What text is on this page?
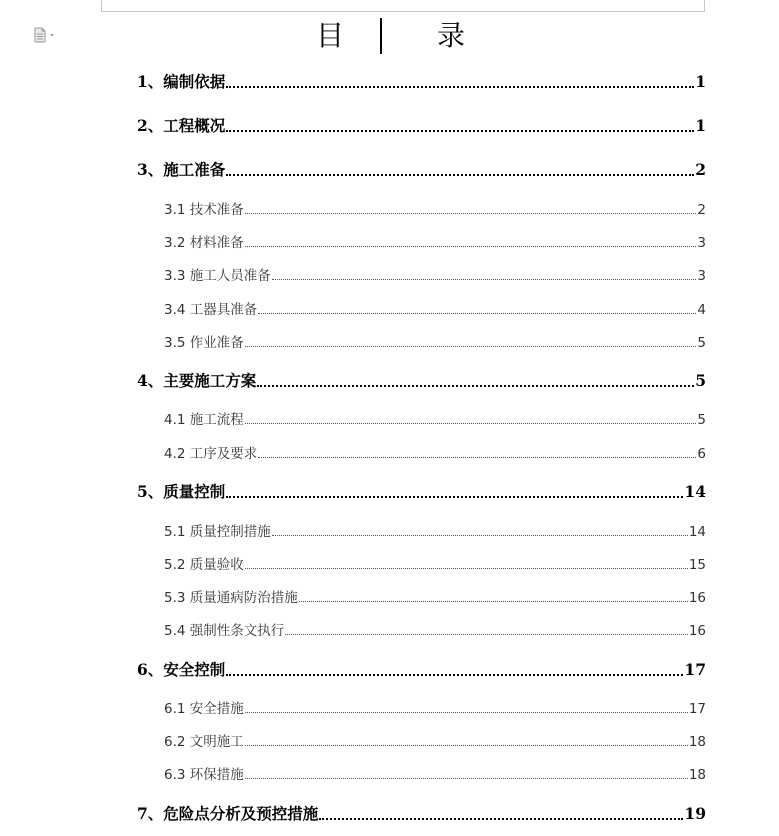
目 录
1、编制依据	1
2、工程概况	1
3、施工准备	2
3.1 技术准备	2
3.2 材料准备	3
3.3 施工人员准备	3
3.4 工器具准备	4
3.5 作业准备	5
4、主要施工方案	5
4.1 施工流程	5
4.2 工序及要求	6
5、质量控制	14
5.1 质量控制措施	14
5.2 质量验收	15
5.3 质量通病防治措施	16
5.4 强制性条文执行	16
6、安全控制	17
6.1 安全措施	17
6.2 文明施工	18
6.3 环保措施	18
7、危险点分析及预控措施	19
